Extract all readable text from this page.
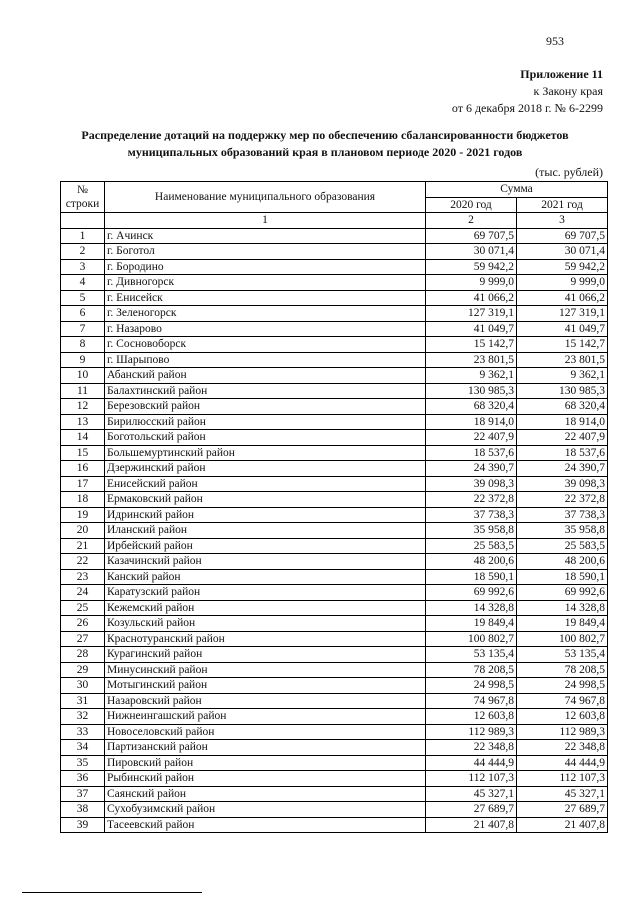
953
Приложение 11
к Закону края
от 6 декабря 2018 г. № 6-2299
Распределение дотаций на поддержку мер по обеспечению сбалансированности бюджетов
муниципальных образований края в плановом периоде 2020 - 2021 годов
(тыс. рублей)
№
строки	Наименование муниципального образования	Сумма	
		2020 год	2021 год
	1	2	3
1	г. Ачинск	69 707,5	69 707,5
2	г. Боготол	30 071,4	30 071,4
3	г. Бородино	59 942,2	59 942,2
4	г. Дивногорск	9 999,0	9 999,0
5	г. Енисейск	41 066,2	41 066,2
6	г. Зеленогорск	127 319,1	127 319,1
7	г. Назарово	41 049,7	41 049,7
8	г. Сосновоборск	15 142,7	15 142,7
9	г. Шарыпово	23 801,5	23 801,5
10	Абанский район	9 362,1	9 362,1
11	Балахтинский район	130 985,3	130 985,3
12	Березовский район	68 320,4	68 320,4
13	Бирилюсский район	18 914,0	18 914,0
14	Боготольский район	22 407,9	22 407,9
15	Большемуртинский район	18 537,6	18 537,6
16	Дзержинский район	24 390,7	24 390,7
17	Енисейский район	39 098,3	39 098,3
18	Ермаковский район	22 372,8	22 372,8
19	Идринский район	37 738,3	37 738,3
20	Иланский район	35 958,8	35 958,8
21	Ирбейский район	25 583,5	25 583,5
22	Казачинский район	48 200,6	48 200,6
23	Канский район	18 590,1	18 590,1
24	Каратузский район	69 992,6	69 992,6
25	Кежемский район	14 328,8	14 328,8
26	Козульский район	19 849,4	19 849,4
27	Краснотуранский район	100 802,7	100 802,7
28	Курагинский район	53 135,4	53 135,4
29	Минусинский район	78 208,5	78 208,5
30	Мотыгинский район	24 998,5	24 998,5
31	Назаровский район	74 967,8	74 967,8
32	Нижнеингашский район	12 603,8	12 603,8
33	Новоселовский район	112 989,3	112 989,3
34	Партизанский район	22 348,8	22 348,8
35	Пировский район	44 444,9	44 444,9
36	Рыбинский район	112 107,3	112 107,3
37	Саянский район	45 327,1	45 327,1
38	Сухобузимский район	27 689,7	27 689,7
39	Тасеевский район	21 407,8	21 407,8
